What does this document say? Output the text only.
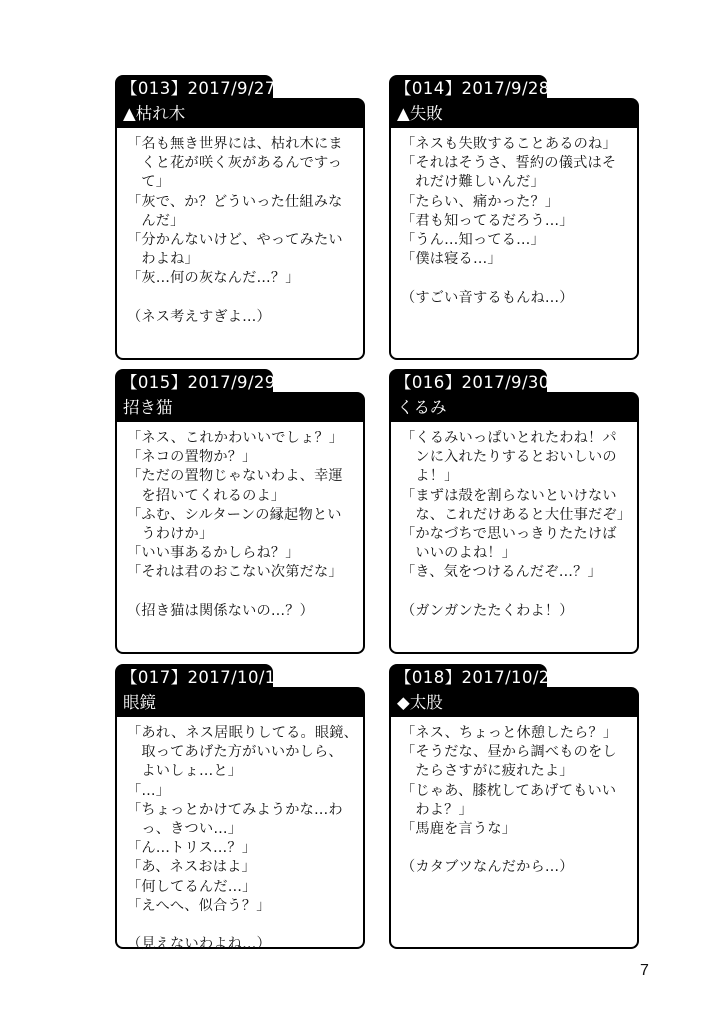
【013】2017/9/27
▲枯れ木
「名も無き世界には、枯れ木にま
　くと花が咲く灰があるんですっ
　て」
「灰で、か？どういった仕組みな
　んだ」
「分かんないけど、やってみたい
　わよね」
「灰…何の灰なんだ…？」
（ネス考えすぎよ…）
【014】2017/9/28
▲失敗
「ネスも失敗することあるのね」
「それはそうさ、誓約の儀式はそ
　れだけ難しいんだ」
「たらい、痛かった？」
「君も知ってるだろう…」
「うん…知ってる…」
「僕は寝る…」
（すごい音するもんね…）
【015】2017/9/29
招き猫
「ネス、これかわいいでしょ？」
「ネコの置物か？」
「ただの置物じゃないわよ、幸運
　を招いてくれるのよ」
「ふむ、シルターンの縁起物とい
　うわけか」
「いい事あるかしらね？」
「それは君のおこない次第だな」
（招き猫は関係ないの…？）
【016】2017/9/30
くるみ
「くるみいっぱいとれたわね！パ
　ンに入れたりするとおいしいの
　よ！」
「まずは殻を割らないといけない
　な、これだけあると大仕事だぞ」
「かなづちで思いっきりたたけば
　いいのよね！」
「き、気をつけるんだぞ…？」
（ガンガンたたくわよ！）
【017】2017/10/1
眼鏡
「あれ、ネス居眠りしてる。眼鏡、
　取ってあげた方がいいかしら、
　よいしょ…と」
「…」
「ちょっとかけてみようかな…わ
　っ、きつい…」
「ん…トリス…？」
「あ、ネスおはよ」
「何してるんだ…」
「えへへ、似合う？」
（見えないわよね…）
【018】2017/10/2
◆太股
「ネス、ちょっと休憩したら？」
「そうだな、昼から調べものをし
　たらさすがに疲れたよ」
「じゃあ、膝枕してあげてもいい
　わよ？」
「馬鹿を言うな」
（カタブツなんだから…）
7
